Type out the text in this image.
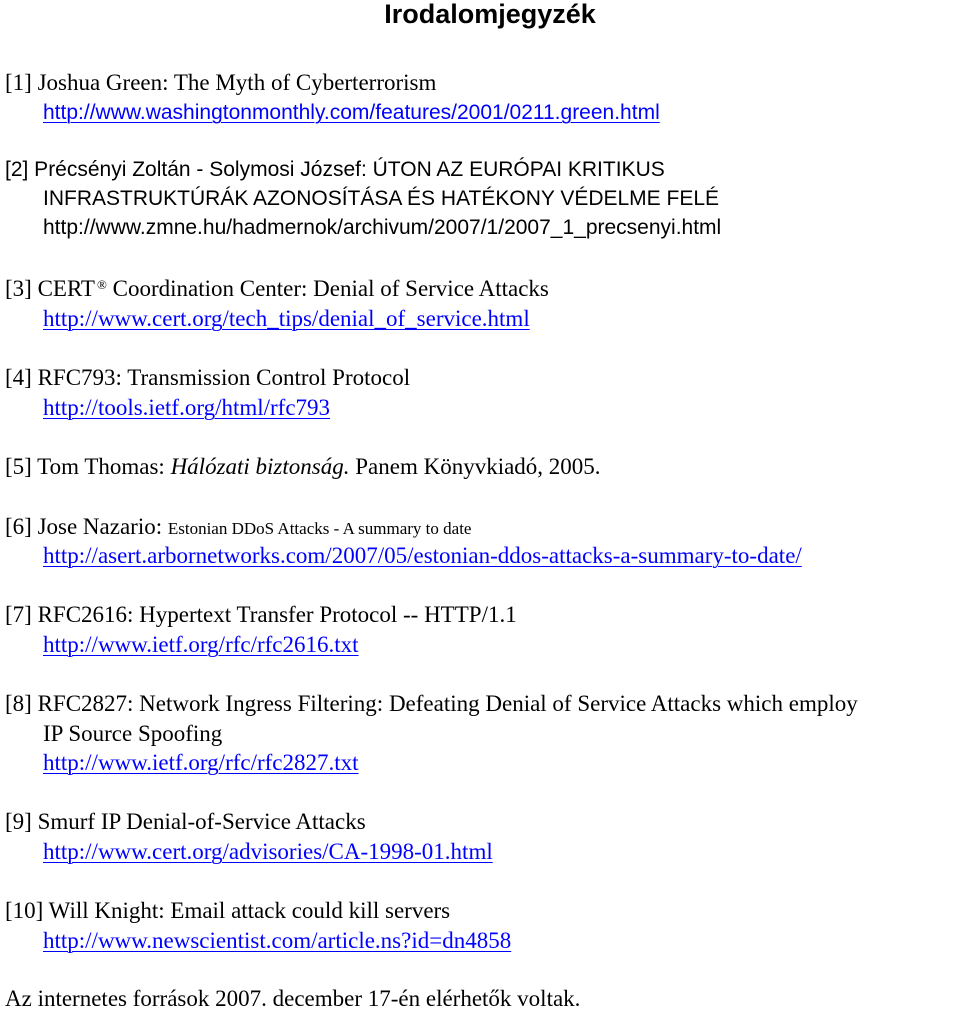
Irodalomjegyzék
[1] Joshua Green: The Myth of Cyberterrorism
http://www.washingtonmonthly.com/features/2001/0211.green.html
[2] Précsényi Zoltán - Solymosi József: ÚTON AZ EURÓPAI KRITIKUS
INFRASTRUKTÚRÁK AZONOSÍTÁSA ÉS HATÉKONY VÉDELME FELÉ
http://www.zmne.hu/hadmernok/archivum/2007/1/2007_1_precsenyi.html
[3] CERT ® Coordination Center: Denial of Service Attacks
http://www.cert.org/tech_tips/denial_of_service.html
[4] RFC793: Transmission Control Protocol
http://tools.ietf.org/html/rfc793
[5] Tom Thomas: Hálózati biztonság. Panem Könyvkiadó, 2005.
[6] Jose Nazario: Estonian DDoS Attacks - A summary to date
http://asert.arbornetworks.com/2007/05/estonian-ddos-attacks-a-summary-to-date/
[7] RFC2616: Hypertext Transfer Protocol -- HTTP/1.1
http://www.ietf.org/rfc/rfc2616.txt
[8] RFC2827: Network Ingress Filtering: Defeating Denial of Service Attacks which employ
IP Source Spoofing
http://www.ietf.org/rfc/rfc2827.txt
[9] Smurf IP Denial-of-Service Attacks
http://www.cert.org/advisories/CA-1998-01.html
[10] Will Knight: Email attack could kill servers
http://www.newscientist.com/article.ns?id=dn4858
Az internetes források 2007. december 17-én elérhetők voltak.
